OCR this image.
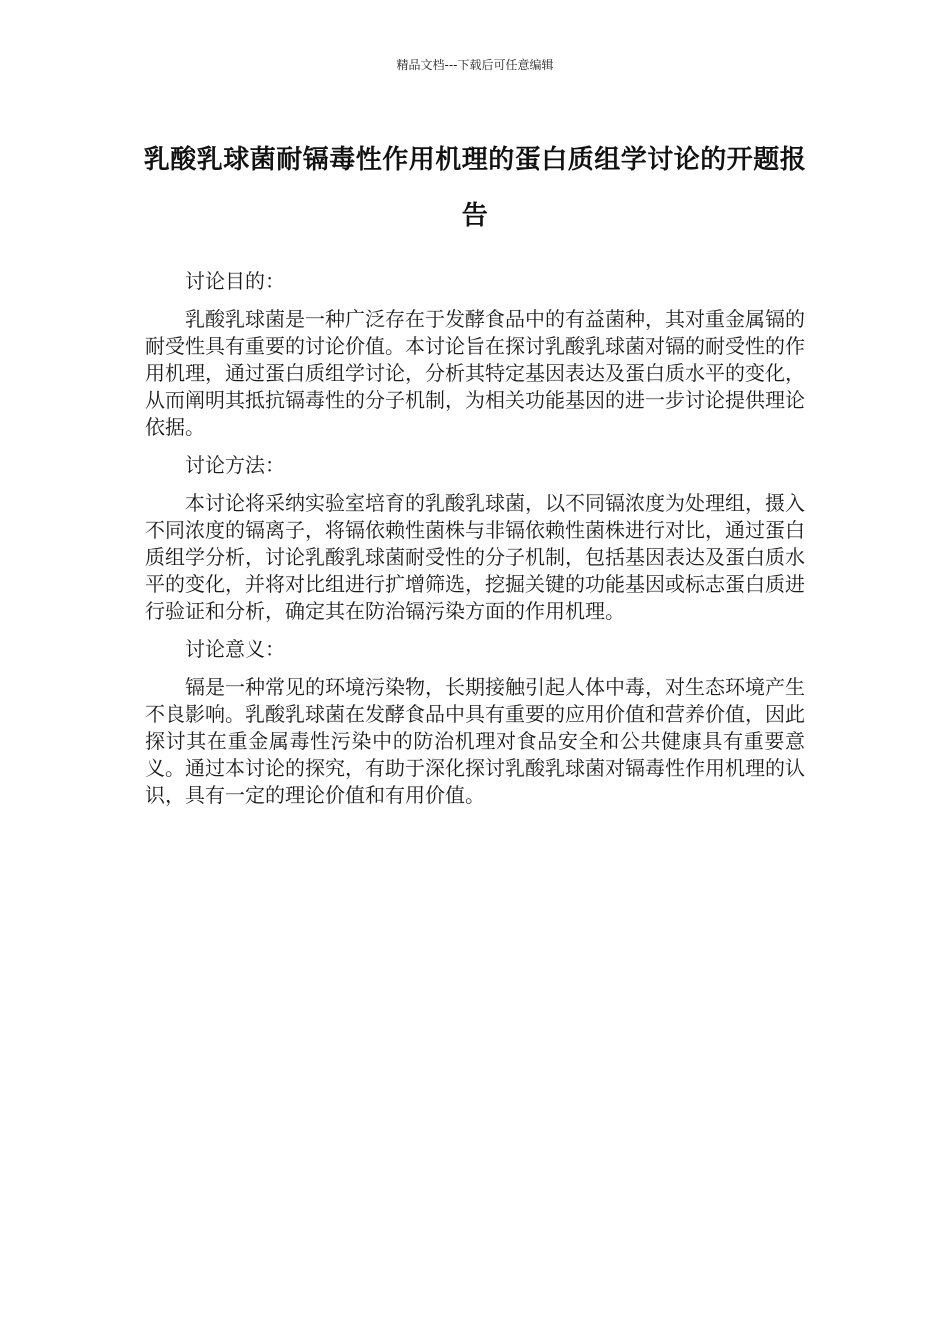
精品文档---下载后可任意编辑
乳酸乳球菌耐镉毒性作用机理的蛋白质组学讨论的开题报告

讨论目的：

乳酸乳球菌是一种广泛存在于发酵食品中的有益菌种，其对重金属镉的耐受性具有重要的讨论价值。本讨论旨在探讨乳酸乳球菌对镉的耐受性的作用机理，通过蛋白质组学讨论，分析其特定基因表达及蛋白质水平的变化，从而阐明其抵抗镉毒性的分子机制，为相关功能基因的进一步讨论提供理论依据。

讨论方法：

本讨论将采纳实验室培育的乳酸乳球菌，以不同镉浓度为处理组，摄入不同浓度的镉离子，将镉依赖性菌株与非镉依赖性菌株进行对比，通过蛋白质组学分析，讨论乳酸乳球菌耐受性的分子机制，包括基因表达及蛋白质水平的变化，并将对比组进行扩增筛选，挖掘关键的功能基因或标志蛋白质进行验证和分析，确定其在防治镉污染方面的作用机理。

讨论意义：

镉是一种常见的环境污染物，长期接触引起人体中毒，对生态环境产生不良影响。乳酸乳球菌在发酵食品中具有重要的应用价值和营养价值，因此探讨其在重金属毒性污染中的防治机理对食品安全和公共健康具有重要意义。通过本讨论的探究，有助于深化探讨乳酸乳球菌对镉毒性作用机理的认识，具有一定的理论价值和有用价值。
